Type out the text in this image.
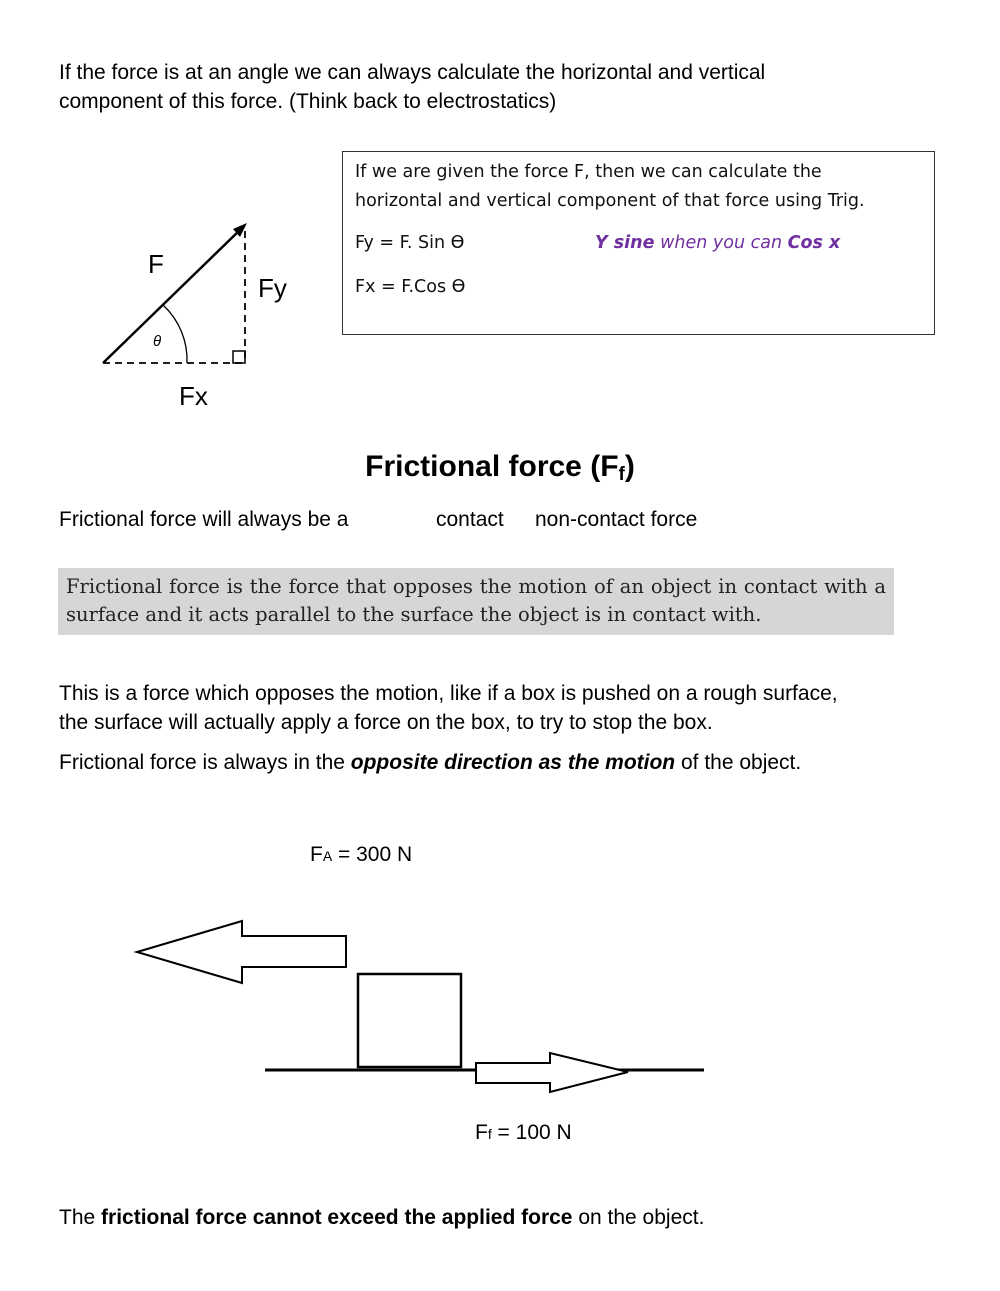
If the force is at an angle we can always calculate the horizontal and vertical
component of this force. (Think back to electrostatics)
θ
F
Fy
Fx
If we are given the force F, then we can calculate the
horizontal and vertical component of that force using Trig.
Fy = F. Sin ϴ	Y sine when you can Cos x
Fx = F.Cos ϴ
Frictional force $(F_f)$
Frictional force will always be a	contact non-contact force
Frictional force is the force that opposes the motion of an object in contact with a surface and it acts parallel to the surface the object is in contact with.
This is a force which opposes the motion, like if a box is pushed on a rough surface,
the surface will actually apply a force on the box, to try to stop the box.
Frictional force is always in the opposite direction as the motion of the object.
FA = 300 N
Ff = 100 N
The frictional force cannot exceed the applied force on the object.
